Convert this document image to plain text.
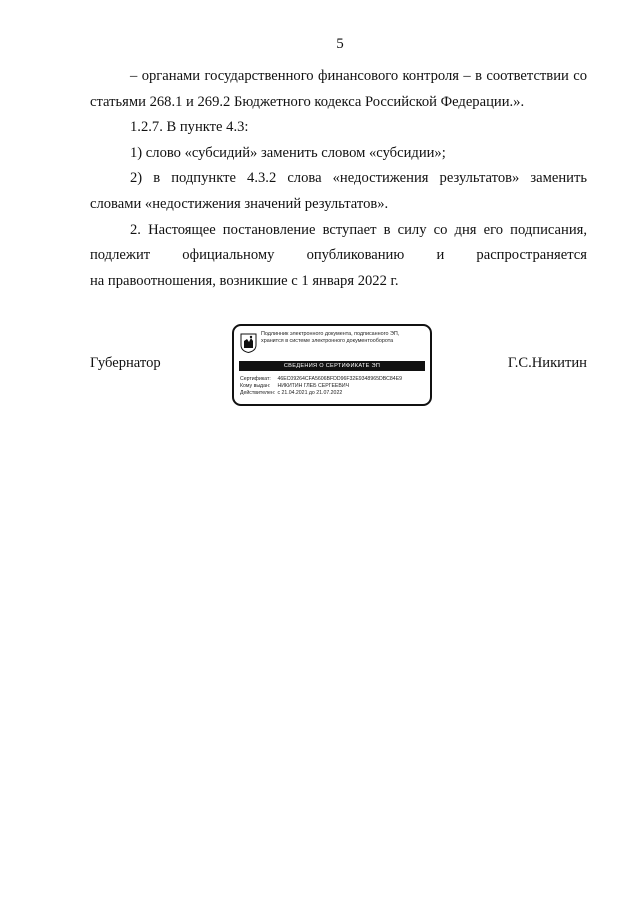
5

– органами государственного финансового контроля – в соответствии со статьями 268.1 и 269.2 Бюджетного кодекса Российской Федерации.».

1.2.7. В пункте 4.3:

1) слово «субсидий» заменить словом «субсидии»;

2) в подпункте 4.3.2 слова «недостижения результатов» заменить словами «недостижения значений результатов».

2. Настоящее постановление вступает в силу со дня его подписания, подлежит официальному опубликованию и распространяется

на правоотношения, возникшие с 1 января 2022 г.

Губернатор
Подлинник электронного документа, подписанного ЭП,
хранится в системе электронного документооборота
СВЕДЕНИЯ О СЕРТИФИКАТЕ ЭП
Сертификат: 46EC09264CFA5606BFDD96F32E9348965DBC84E9
Кому выдан: НИКИТИН ГЛЕБ СЕРГЕЕВИЧ
Действителен: с 21.04.2021 до 21.07.2022
Г.С.Никитин
